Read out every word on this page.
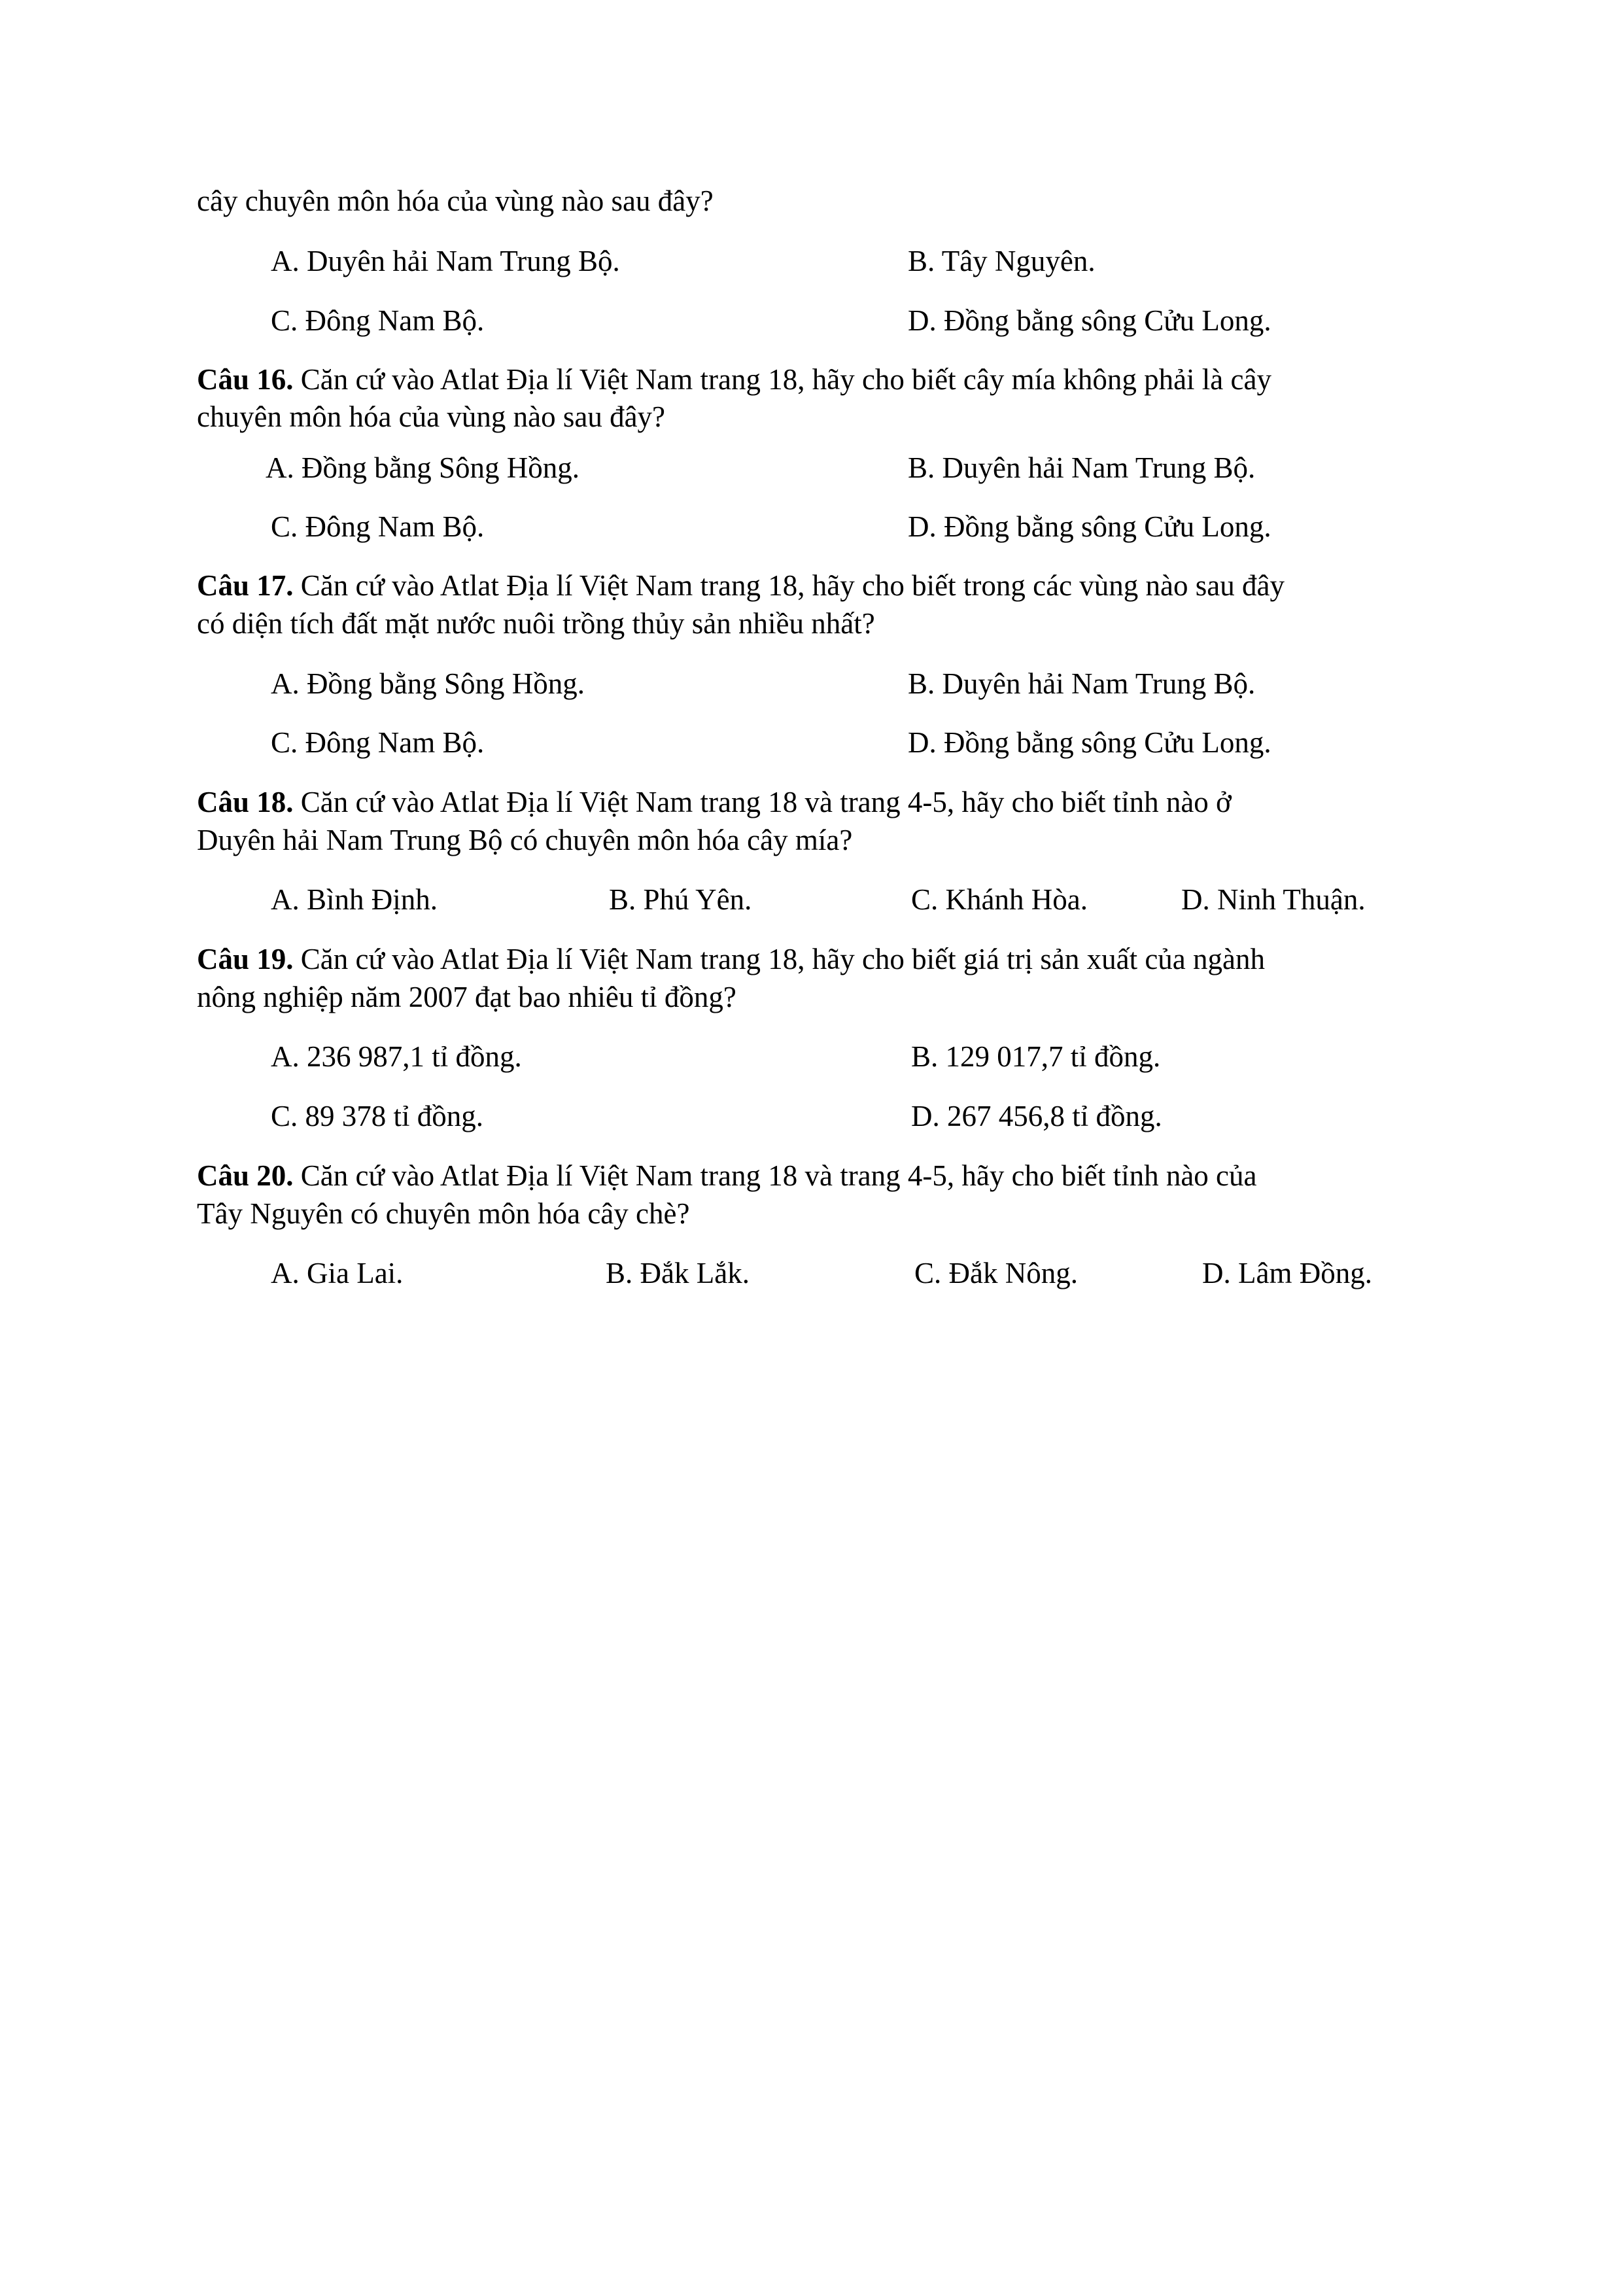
cây chuyên môn hóa của vùng nào sau đây?
A. Duyên hải Nam Trung Bộ.	B. Tây Nguyên.
C. Đông Nam Bộ.	D. Đồng bằng sông Cửu Long.
Câu 16. Căn cứ vào Atlat Địa lí Việt Nam trang 18, hãy cho biết cây mía không phải là cây
chuyên môn hóa của vùng nào sau đây?
A. Đồng bằng Sông Hồng.	B. Duyên hải Nam Trung Bộ.
C. Đông Nam Bộ.	D. Đồng bằng sông Cửu Long.
Câu 17. Căn cứ vào Atlat Địa lí Việt Nam trang 18, hãy cho biết trong các vùng nào sau đây
có diện tích đất mặt nước nuôi trồng thủy sản nhiều nhất?
A. Đồng bằng Sông Hồng.	B. Duyên hải Nam Trung Bộ.
C. Đông Nam Bộ.	D. Đồng bằng sông Cửu Long.
Câu 18. Căn cứ vào Atlat Địa lí Việt Nam trang 18 và trang 4-5, hãy cho biết tỉnh nào ở
Duyên hải Nam Trung Bộ có chuyên môn hóa cây mía?
A. Bình Định.	B. Phú Yên.	C. Khánh Hòa.	D. Ninh Thuận.
Câu 19. Căn cứ vào Atlat Địa lí Việt Nam trang 18, hãy cho biết giá trị sản xuất của ngành
nông nghiệp năm 2007 đạt bao nhiêu tỉ đồng?
A. 236 987,1 tỉ đồng.	B. 129 017,7 tỉ đồng.
C. 89 378 tỉ đồng.	D. 267 456,8 tỉ đồng.
Câu 20. Căn cứ vào Atlat Địa lí Việt Nam trang 18 và trang 4-5, hãy cho biết tỉnh nào của
Tây Nguyên có chuyên môn hóa cây chè?
A. Gia Lai.	B. Đắk Lắk.	C. Đắk Nông.	D. Lâm Đồng.
